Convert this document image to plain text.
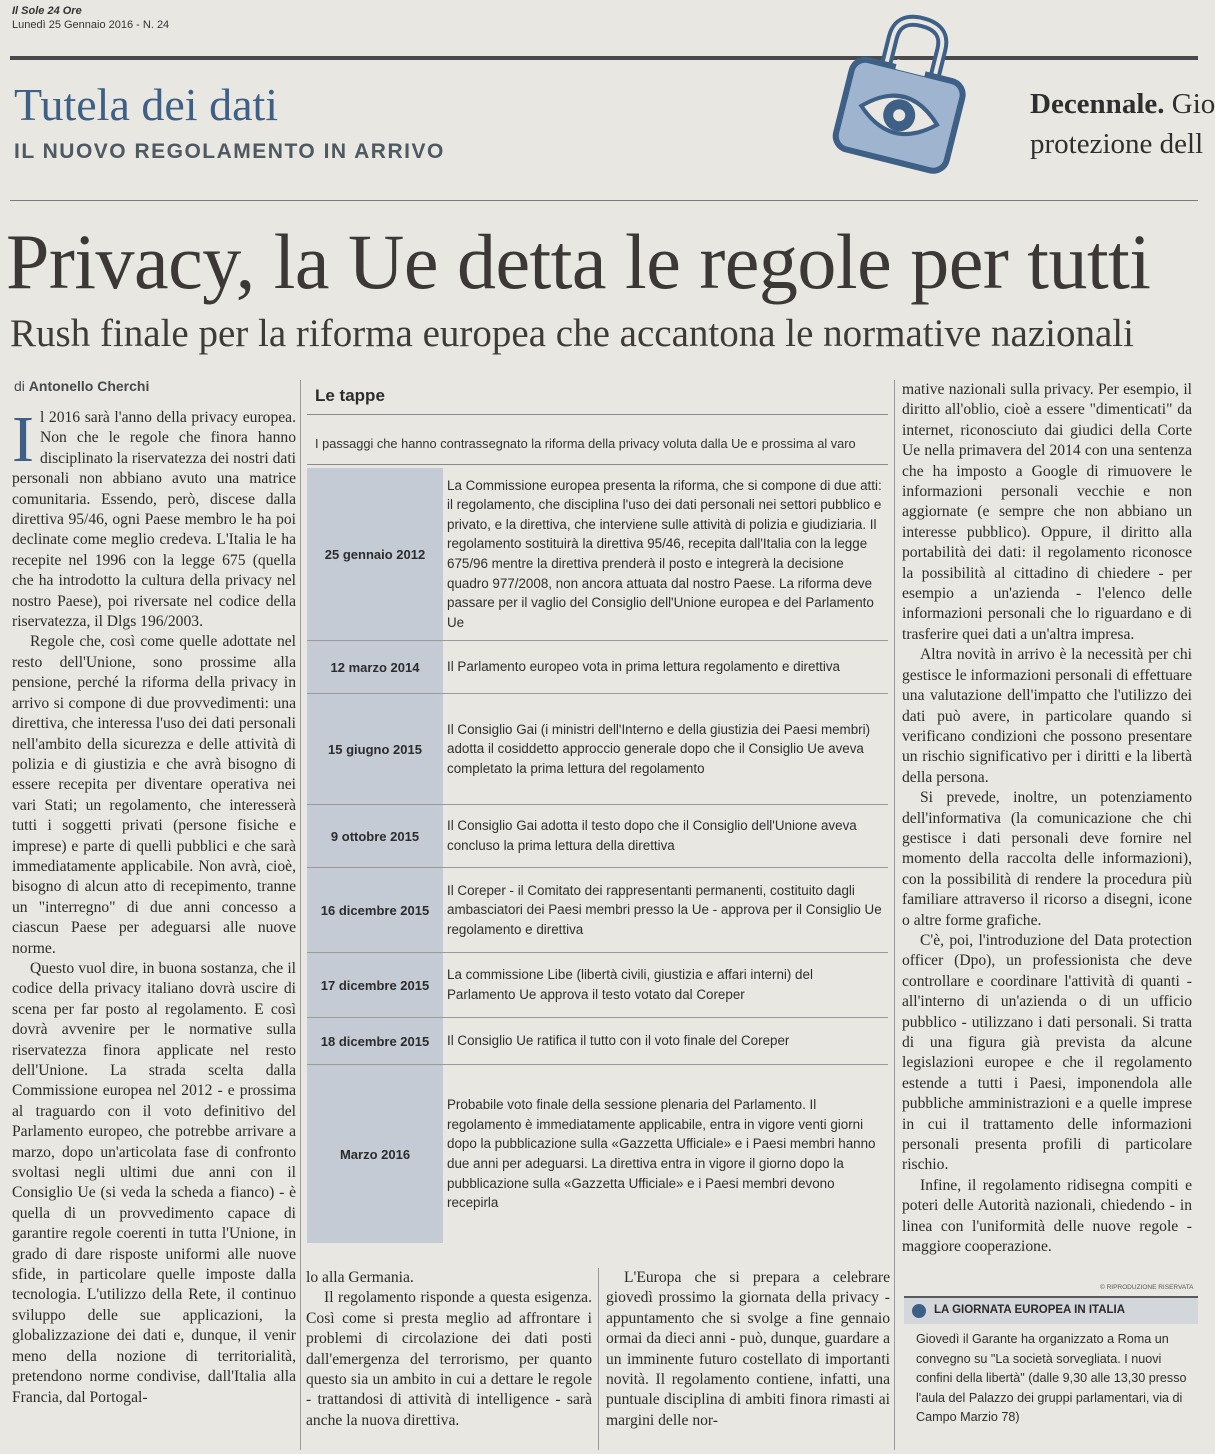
Il Sole 24 Ore
Lunedì 25 Gennaio 2016 - N. 24
Tutela dei dati
IL NUOVO REGOLAMENTO IN ARRIVO
Decennale. Gio
protezione dell
Privacy, la Ue detta le regole per tutti
Rush finale per la riforma europea che accantona le normative nazionali
di Antonello Cherchi

Il 2016 sarà l'anno della privacy europea. Non che le regole che finora hanno disciplinato la riservatezza dei nostri dati personali non abbiano avuto una matrice comunitaria. Essendo, però, discese dalla direttiva 95/46, ogni Paese membro le ha poi declinate come meglio credeva. L'Italia le ha recepite nel 1996 con la legge 675 (quella che ha introdotto la cultura della privacy nel nostro Paese), poi riversate nel codice della riservatezza, il Dlgs 196/2003.

Regole che, così come quelle adottate nel resto dell'Unione, sono prossime alla pensione, perché la riforma della privacy in arrivo si compone di due provvedimenti: una direttiva, che interessa l'uso dei dati personali nell'ambito della sicurezza e delle attività di polizia e di giustizia e che avrà bisogno di essere recepita per diventare operativa nei vari Stati; un regolamento, che interesserà tutti i soggetti privati (persone fisiche e imprese) e parte di quelli pubblici e che sarà immediatamente applicabile. Non avrà, cioè, bisogno di alcun atto di recepimento, tranne un "interregno" di due anni concesso a ciascun Paese per adeguarsi alle nuove norme.

Questo vuol dire, in buona sostanza, che il codice della privacy italiano dovrà uscire di scena per far posto al regolamento. E così dovrà avvenire per le normative sulla riservatezza finora applicate nel resto dell'Unione. La strada scelta dalla Commissione europea nel 2012 - e prossima al traguardo con il voto definitivo del Parlamento europeo, che potrebbe arrivare a marzo, dopo un'articolata fase di confronto svoltasi negli ultimi due anni con il Consiglio Ue (si veda la scheda a fianco) - è quella di un provvedimento capace di garantire regole coerenti in tutta l'Unione, in grado di dare risposte uniformi alle nuove sfide, in particolare quelle imposte dalla tecnologia. L'utilizzo della Rete, il continuo sviluppo delle sue applicazioni, la globalizzazione dei dati e, dunque, il venir meno della nozione di territorialità, pretendono norme condivise, dall'Italia alla Francia, dal Portogal-

Le tappe
I passaggi che hanno contrassegnato la riforma della privacy voluta dalla Ue e prossima al varo
25 gennaio 2012
La Commissione europea presenta la riforma, che si compone di due atti: il regolamento, che disciplina l'uso dei dati personali nei settori pubblico e privato, e la direttiva, che interviene sulle attività di polizia e giudiziaria. Il regolamento sostituirà la direttiva 95/46, recepita dall'Italia con la legge 675/96 mentre la direttiva prenderà il posto e integrerà la decisione quadro 977/2008, non ancora attuata dal nostro Paese. La riforma deve passare per il vaglio del Consiglio dell'Unione europea e del Parlamento Ue
12 marzo 2014	Il Parlamento europeo vota in prima lettura regolamento e direttiva
15 giugno 2015
Il Consiglio Gai (i ministri dell'Interno e della giustizia dei Paesi membri) adotta il cosiddetto approccio generale dopo che il Consiglio Ue aveva completato la prima lettura del regolamento
9 ottobre 2015
Il Consiglio Gai adotta il testo dopo che il Consiglio dell'Unione aveva concluso la prima lettura della direttiva
16 dicembre 2015
Il Coreper - il Comitato dei rappresentanti permanenti, costituito dagli ambasciatori dei Paesi membri presso la Ue - approva per il Consiglio Ue regolamento e direttiva
17 dicembre 2015
La commissione Libe (libertà civili, giustizia e affari interni) del Parlamento Ue approva il testo votato dal Coreper
18 dicembre 2015	Il Consiglio Ue ratifica il tutto con il voto finale del Coreper
Marzo 2016
Probabile voto finale della sessione plenaria del Parlamento. Il regolamento è immediatamente applicabile, entra in vigore venti giorni dopo la pubblicazione sulla «Gazzetta Ufficiale» e i Paesi membri hanno due anni per adeguarsi. La direttiva entra in vigore il giorno dopo la pubblicazione sulla «Gazzetta Ufficiale» e i Paesi membri devono recepirla

lo alla Germania.

Il regolamento risponde a questa esigenza. Così come si presta meglio ad affrontare i problemi di circolazione dei dati posti dall'emergenza del terrorismo, per quanto questo sia un ambito in cui a dettare le regole - trattandosi di attività di intelligence - sarà anche la nuova direttiva.

L'Europa che si prepara a celebrare giovedì prossimo la giornata della privacy - appuntamento che si svolge a fine gennaio ormai da dieci anni - può, dunque, guardare a un imminente futuro costellato di importanti novità. Il regolamento contiene, infatti, una puntuale disciplina di ambiti finora rimasti ai margini delle nor-

mative nazionali sulla privacy. Per esempio, il diritto all'oblio, cioè a essere "dimenticati" da internet, riconosciuto dai giudici della Corte Ue nella primavera del 2014 con una sentenza che ha imposto a Google di rimuovere le informazioni personali vecchie e non aggiornate (e sempre che non abbiano un interesse pubblico). Oppure, il diritto alla portabilità dei dati: il regolamento riconosce la possibilità al cittadino di chiedere - per esempio a un'azienda - l'elenco delle informazioni personali che lo riguardano e di trasferire quei dati a un'altra impresa.

Altra novità in arrivo è la necessità per chi gestisce le informazioni personali di effettuare una valutazione dell'impatto che l'utilizzo dei dati può avere, in particolare quando si verificano condizioni che possono presentare un rischio significativo per i diritti e la libertà della persona.

Si prevede, inoltre, un potenziamento dell'informativa (la comunicazione che chi gestisce i dati personali deve fornire nel momento della raccolta delle informazioni), con la possibilità di rendere la procedura più familiare attraverso il ricorso a disegni, icone o altre forme grafiche.

C'è, poi, l'introduzione del Data protection officer (Dpo), un professionista che deve controllare e coordinare l'attività di quanti - all'interno di un'azienda o di un ufficio pubblico - utilizzano i dati personali. Si tratta di una figura già prevista da alcune legislazioni europee e che il regolamento estende a tutti i Paesi, imponendola alle pubbliche amministrazioni e a quelle imprese in cui il trattamento delle informazioni personali presenta profili di particolare rischio.

Infine, il regolamento ridisegna compiti e poteri delle Autorità nazionali, chiedendo - in linea con l'uniformità delle nuove regole - maggiore cooperazione.

© RIPRODUZIONE RISERVATA
LA GIORNATA EUROPEA IN ITALIA
Giovedì il Garante ha organizzato a Roma un convegno su "La società sorvegliata. I nuovi confini della libertà" (dalle 9,30 alle 13,30 presso l'aula del Palazzo dei gruppi parlamentari, via di Campo Marzio 78)
